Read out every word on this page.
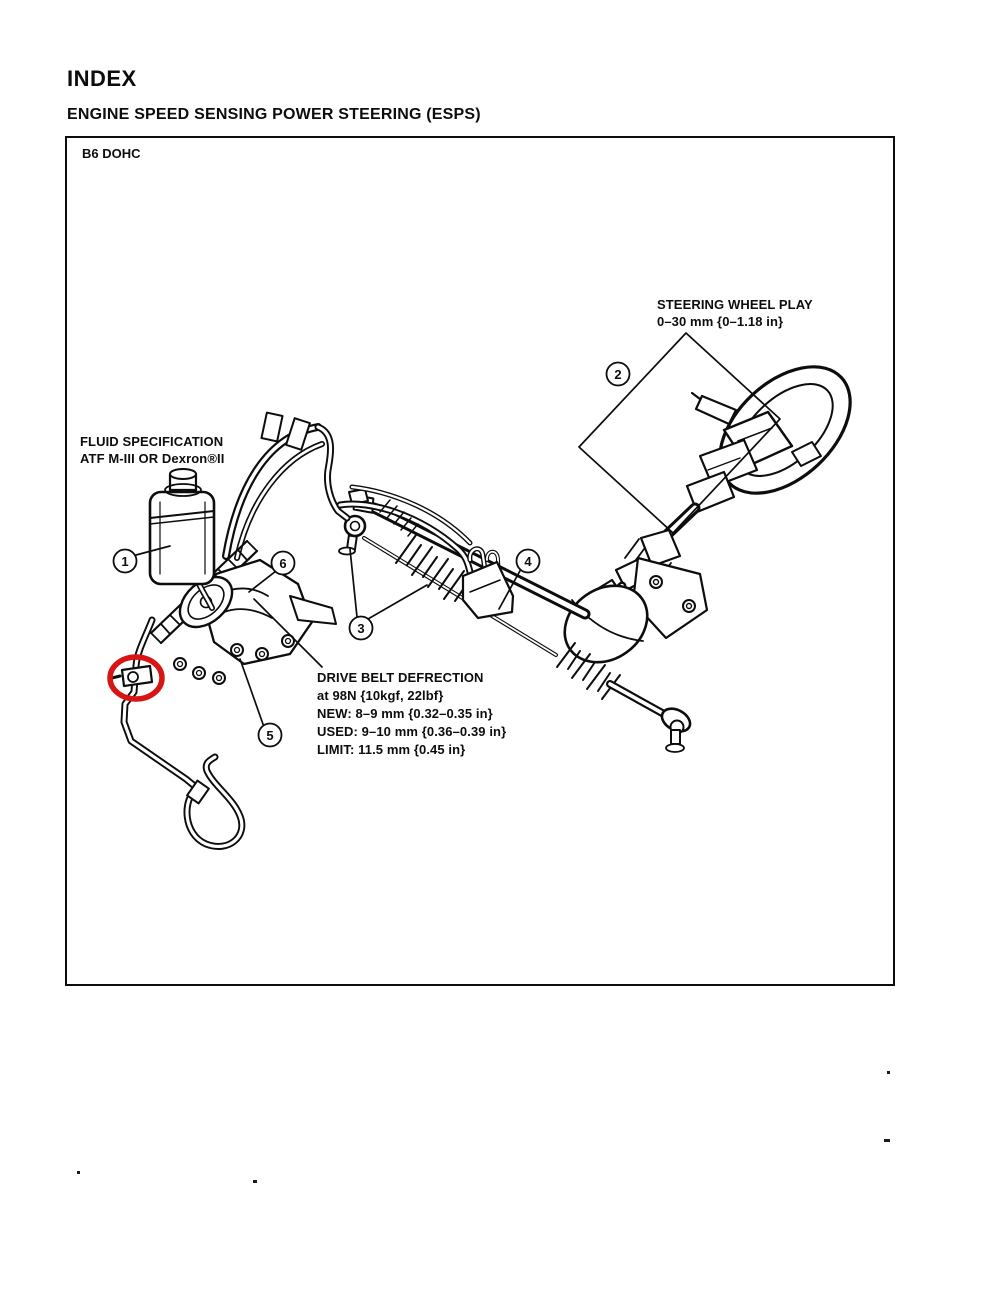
INDEX
ENGINE SPEED SENSING POWER STEERING (ESPS)
B6 DOHC
STEERING WHEEL PLAY
0–30 mm {0–1.18 in}
FLUID SPECIFICATION
ATF M-III OR Dexron®II
DRIVE BELT DEFRECTION
at 98N {10kgf, 22lbf}
NEW: 8–9 mm {0.32–0.35 in}
USED: 9–10 mm {0.36–0.39 in}
LIMIT: 11.5 mm {0.45 in}
1
2
3
4
5
6
